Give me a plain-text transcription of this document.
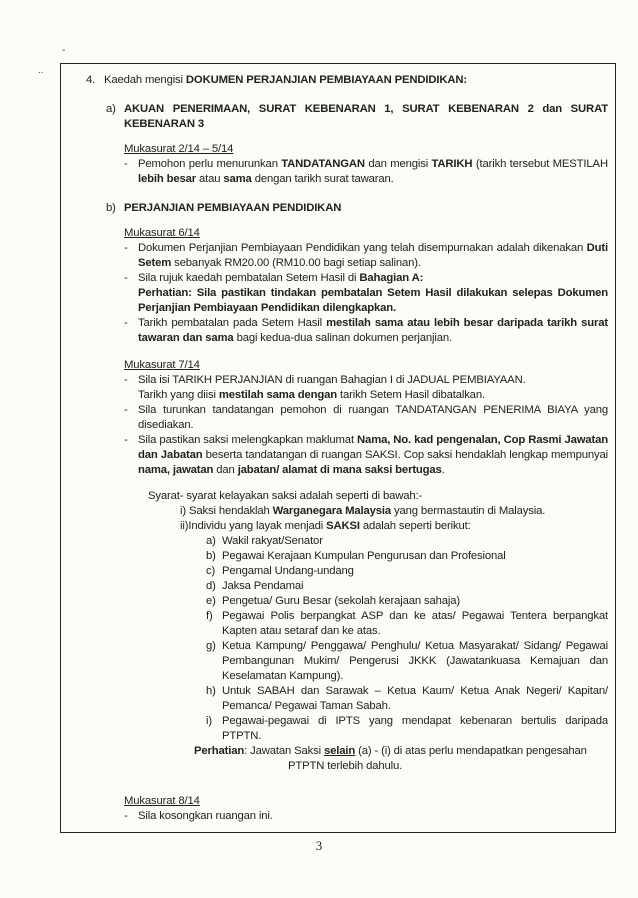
-
..
4. Kaedah mengisi DOKUMEN PERJANJIAN PEMBIAYAAN PENDIDIKAN:
a) AKUAN PENERIMAAN, SURAT KEBENARAN 1, SURAT KEBENARAN 2 dan SURAT KEBENARAN 3
Mukasurat 2/14 – 5/14
- Pemohon perlu menurunkan TANDATANGAN dan mengisi TARIKH (tarikh tersebut MESTILAH lebih besar atau sama dengan tarikh surat tawaran.
b) PERJANJIAN PEMBIAYAAN PENDIDIKAN
Mukasurat 6/14
- Dokumen Perjanjian Pembiayaan Pendidikan yang telah disempurnakan adalah dikenakan Duti Setem sebanyak RM20.00 (RM10.00 bagi setiap salinan).
- Sila rujuk kaedah pembatalan Setem Hasil di Bahagian A:
Perhatian: Sila pastikan tindakan pembatalan Setem Hasil dilakukan selepas Dokumen Perjanjian Pembiayaan Pendidikan dilengkapkan.
- Tarikh pembatalan pada Setem Hasil mestilah sama atau lebih besar daripada tarikh surat tawaran dan sama bagi kedua-dua salinan dokumen perjanjian.
Mukasurat 7/14
- Sila isi TARIKH PERJANJIAN di ruangan Bahagian I di JADUAL PEMBIAYAAN.
Tarikh yang diisi mestilah sama dengan tarikh Setem Hasil dibatalkan.
- Sila turunkan tandatangan pemohon di ruangan TANDATANGAN PENERIMA BIAYA yang disediakan.
- Sila pastikan saksi melengkapkan maklumat Nama, No. kad pengenalan, Cop Rasmi Jawatan dan Jabatan beserta tandatangan di ruangan SAKSI. Cop saksi hendaklah lengkap mempunyai nama, jawatan dan jabatan/ alamat di mana saksi bertugas.
Syarat- syarat kelayakan saksi adalah seperti di bawah:-
i) Saksi hendaklah Warganegara Malaysia yang bermastautin di Malaysia.
ii)Individu yang layak menjadi SAKSI adalah seperti berikut:
a) Wakil rakyat/Senator
b) Pegawai Kerajaan Kumpulan Pengurusan dan Profesional
c) Pengamal Undang-undang
d) Jaksa Pendamai
e) Pengetua/ Guru Besar (sekolah kerajaan sahaja)
f) Pegawai Polis berpangkat ASP dan ke atas/ Pegawai Tentera berpangkat Kapten atau setaraf dan ke atas.
g) Ketua Kampung/ Penggawa/ Penghulu/ Ketua Masyarakat/ Sidang/ Pegawai Pembangunan Mukim/ Pengerusi JKKK (Jawatankuasa Kemajuan dan Keselamatan Kampung).
h) Untuk SABAH dan Sarawak – Ketua Kaum/ Ketua Anak Negeri/ Kapitan/ Pemanca/ Pegawai Taman Sabah.
i) Pegawai-pegawai di IPTS yang mendapat kebenaran bertulis daripada PTPTN.
Perhatian: Jawatan Saksi selain (a) - (i) di atas perlu mendapatkan pengesahan
PTPTN terlebih dahulu.
Mukasurat 8/14
- Sila kosongkan ruangan ini.
3
